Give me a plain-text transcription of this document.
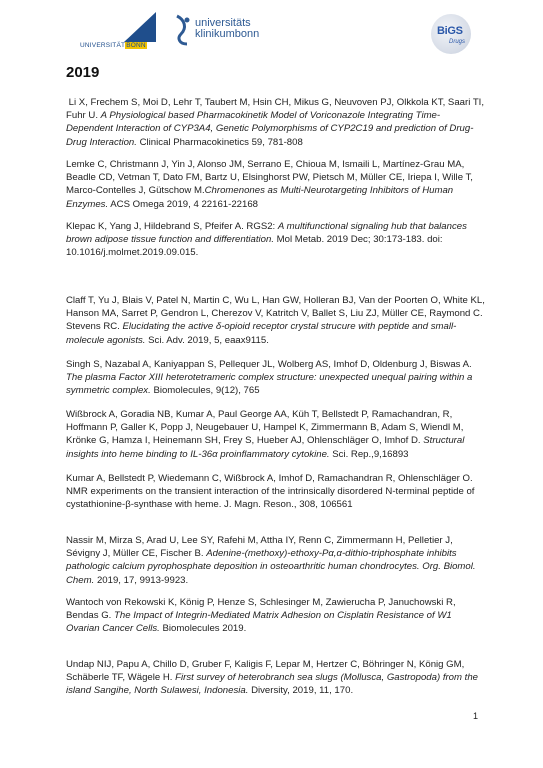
UNIVERSITÄTBONN
universitäts
klinikumbonn	BiGS
Drugs
2019

Li X, Frechem S, Moi D, Lehr T, Taubert M, Hsin CH, Mikus G, Neuvoven PJ, Olkkola KT, Saari TI, Fuhr U. A Physiological based Pharmacokinetik Model of Voriconazole Integrating Time-Dependent Interaction of CYP3A4, Genetic Polymorphisms of CYP2C19 and prediction of Drug-Drug Interaction. Clinical Pharmacokinetics 59, 781-808

Lemke C, Christmann J, Yin J, Alonso JM, Serrano E, Chioua M, Ismaili L, Martínez-Grau MA, Beadle CD, Vetman T, Dato FM, Bartz U, Elsinghorst PW, Pietsch M, Müller CE, Iriepa I, Wille T, Marco-Contelles J, Gütschow M.Chromenones as Multi-Neurotargeting Inhibitors of Human Enzymes. ACS Omega 2019, 4 22161-22168

Klepac K, Yang J, Hildebrand S, Pfeifer A. RGS2: A multifunctional signaling hub that balances brown adipose tissue function and differentiation. Mol Metab. 2019 Dec; 30:173-183. doi: 10.1016/j.molmet.2019.09.015.

Claff T, Yu J, Blais V, Patel N, Martin C, Wu L, Han GW, Holleran BJ, Van der Poorten O, White KL, Hanson MA, Sarret P, Gendron L, Cherezov V, Katritch V, Ballet S, Liu ZJ, Müller CE, Raymond C. Stevens RC. Elucidating the active δ-opioid receptor crystal strucure with peptide and small-molecule agonists. Sci. Adv. 2019, 5, eaax9115.

Singh S, Nazabal A, Kaniyappan S, Pellequer JL, Wolberg AS, Imhof D, Oldenburg J, Biswas A. The plasma Factor XIII heterotetrameric complex structure: unexpected unequal pairing within a symmetric complex. Biomolecules, 9(12), 765

Wißbrock A, Goradia NB, Kumar A, Paul George AA, Küh T, Bellstedt P, Ramachandran, R, Hoffmann P, Galler K, Popp J, Neugebauer U, Hampel K, Zimmermann B, Adam S, Wiendl M, Krönke G, Hamza I, Heinemann SH, Frey S, Hueber AJ, Ohlenschläger O, Imhof D. Structural insights into heme binding to IL-36α proinflammatory cytokine. Sci. Rep.,9,16893

Kumar A, Bellstedt P, Wiedemann C, Wißbrock A, Imhof D, Ramachandran R, Ohlenschläger O. NMR experiments on the transient interaction of the intrinsically disordered N-terminal peptide of cystathionine-β-synthase with heme. J. Magn. Reson., 308, 106561

Nassir M, Mirza S, Arad U, Lee SY, Rafehi M, Attha IY, Renn C, Zimmermann H, Pelletier J, Sévigny J, Müller CE, Fischer B. Adenine-(methoxy)-ethoxy-Pα,α-dithio-triphosphate inhibits pathologic calcium pyrophosphate deposition in osteoarthritic human chondrocytes. Org. Biomol. Chem. 2019, 17, 9913-9923.

Wantoch von Rekowski K, König P, Henze S, Schlesinger M, Zawierucha P, Januchowski R, Bendas G. The Impact of Integrin-Mediated Matrix Adhesion on Cisplatin Resistance of W1 Ovarian Cancer Cells. Biomolecules 2019.

Undap NIJ, Papu A, Chillo D, Gruber F, Kaligis F, Lepar M, Hertzer C, Böhringer N, König GM, Schäberle TF, Wägele H. First survey of heterobranch sea slugs (Mollusca, Gastropoda) from the island Sangihe, North Sulawesi, Indonesia. Diversity, 2019, 11, 170.

1
